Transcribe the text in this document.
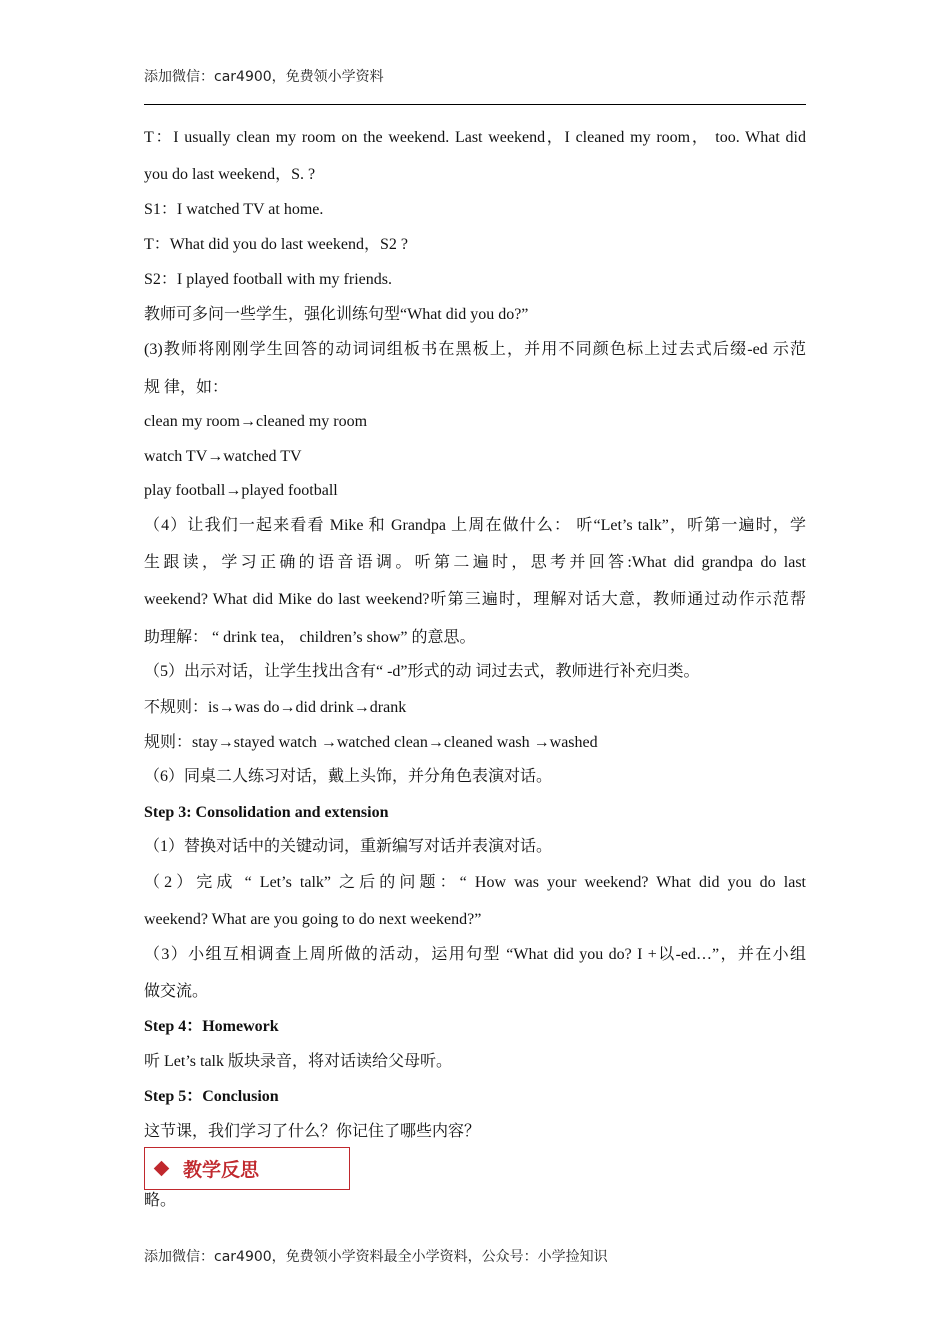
添加微信：car4900，免费领小学资料
T：I usually clean my room on the weekend. Last weekend，I cleaned my room， too. What did
you do last weekend，S. ?
S1：I watched TV at home.
T：What did you do last weekend，S2 ?
S2：I played football with my friends.
教师可多问一些学生，强化训练句型“What did you do?”
(3)教师将刚刚学生回答的动词词组板书在黑板上，并用不同颜色标上过去式后缀-ed 示范
规 律，如：
clean my room→cleaned my room
watch TV→watched TV
play football→played football
（4）让我们一起来看看 Mike 和 Grandpa 上周在做什么： 听“Let’s talk”，听第一遍时，学
生跟读，学习正确的语音语调。听第二遍时，思考并回答:What did grandpa do last
weekend? What did Mike do last weekend?听第三遍时，理解对话大意，教师通过动作示范帮
助理解： “ drink tea， children’s show” 的意思。
（5）出示对话，让学生找出含有“ -d”形式的动 词过去式，教师进行补充归类。
不规则：is→was do→did drink→drank
规则：stay→stayed watch →watched clean→cleaned wash →washed
（6）同桌二人练习对话，戴上头饰，并分角色表演对话。
Step 3: Consolidation and extension
（1）替换对话中的关键动词，重新编写对话并表演对话。
（2）完成 “ Let’s talk” 之后的问题：“ How was your weekend? What did you do last
weekend? What are you going to do next weekend?”
（3）小组互相调查上周所做的活动，运用句型 “What did you do? I +以-ed…”，并在小组
做交流。
Step 4：Homework
听 Let’s talk 版块录音，将对话读给父母听。
Step 5：Conclusion
这节课，我们学习了什么？你记住了哪些内容？
教学反思
略。
添加微信：car4900，免费领小学资料最全小学资料，公众号：小学捡知识
